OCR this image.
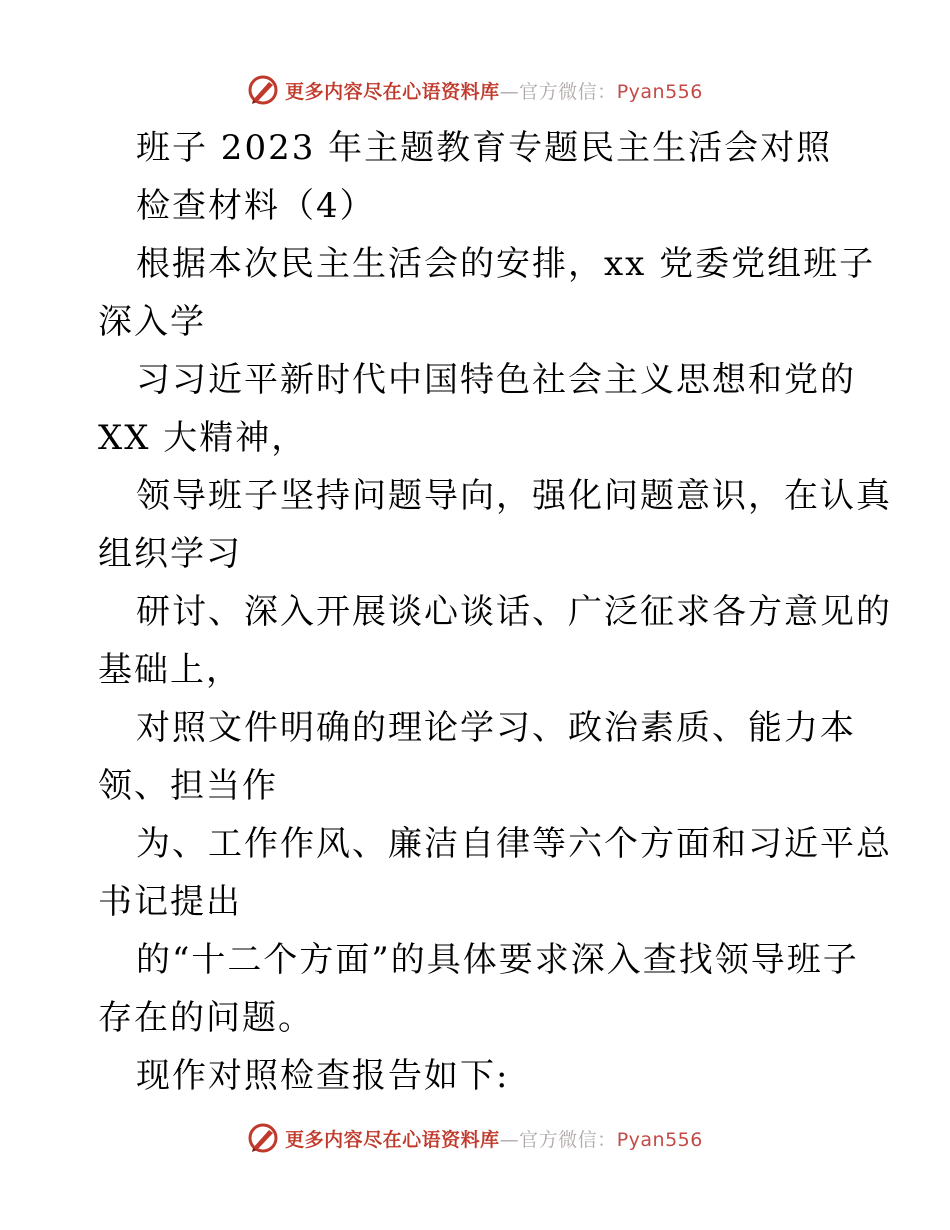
更多内容尽在心语资料库—官方微信：Pyan556
班子 2023 年主题教育专题民主生活会对照
检查材料（4）
根据本次民主生活会的安排，xx 党委党组班子
深入学
习习近平新时代中国特色社会主义思想和党的
XX 大精神，
领导班子坚持问题导向，强化问题意识，在认真
组织学习
研讨、深入开展谈心谈话、广泛征求各方意见的
基础上，
对照文件明确的理论学习、政治素质、能力本
领、担当作
为、工作作风、廉洁自律等六个方面和习近平总
书记提出
的“十二个方面”的具体要求深入查找领导班子
存在的问题。
现作对照检查报告如下:
更多内容尽在心语资料库—官方微信：Pyan556
